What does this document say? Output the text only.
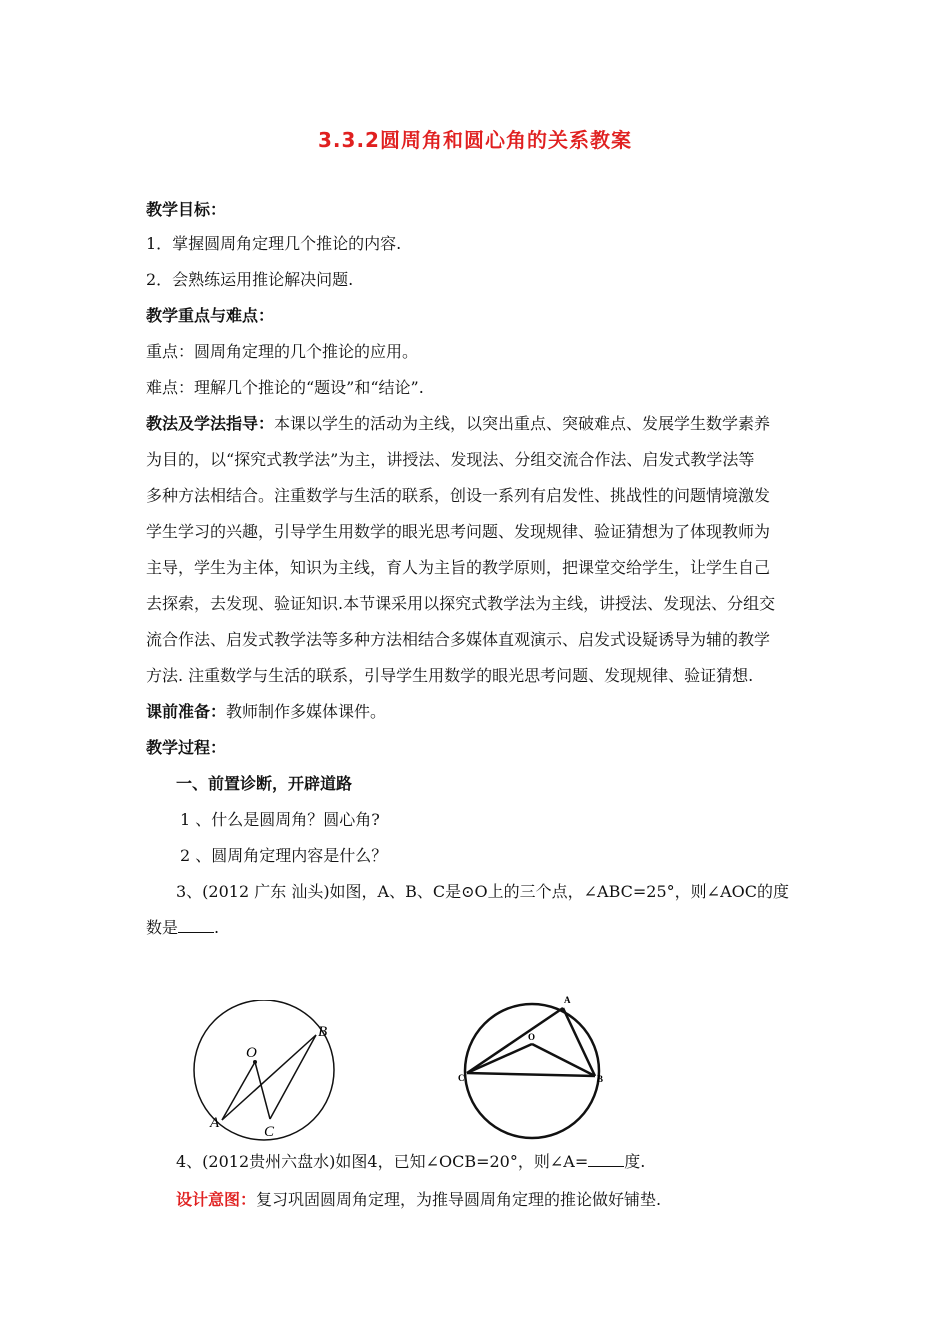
3.3.2圆周角和圆心角的关系教案
教学目标：
1．掌握圆周角定理几个推论的内容.
2．会熟练运用推论解决问题.
教学重点与难点：
重点：圆周角定理的几个推论的应用。
难点：理解几个推论的“题设”和“结论”.
教法及学法指导：本课以学生的活动为主线，以突出重点、突破难点、发展学生数学素养
为目的，以“探究式教学法”为主，讲授法、发现法、分组交流合作法、启发式教学法等
多种方法相结合。注重数学与生活的联系，创设一系列有启发性、挑战性的问题情境激发
学生学习的兴趣，引导学生用数学的眼光思考问题、发现规律、验证猜想为了体现教师为
主导，学生为主体，知识为主线，育人为主旨的教学原则，把课堂交给学生，让学生自己
去探索，去发现、验证知识.本节课采用以探究式教学法为主线，讲授法、发现法、分组交
流合作法、启发式教学法等多种方法相结合多媒体直观演示、启发式设疑诱导为辅的教学
方法. 注重数学与生活的联系，引导学生用数学的眼光思考问题、发现规律、验证猜想.
课前准备：教师制作多媒体课件。
教学过程：
一、前置诊断，开辟道路
1 、什么是圆周角？圆心角?
2 、圆周角定理内容是什么？
3、(2012 广东 汕头)如图，A、B、C是⊙O上的三个点，∠ABC=25°，则∠AOC的度
数是 .
O
B
A
C
O
A
C	B
4、(2012贵州六盘水)如图4，已知∠OCB=20°，则∠A= 度.
设计意图：复习巩固圆周角定理，为推导圆周角定理的推论做好铺垫.
